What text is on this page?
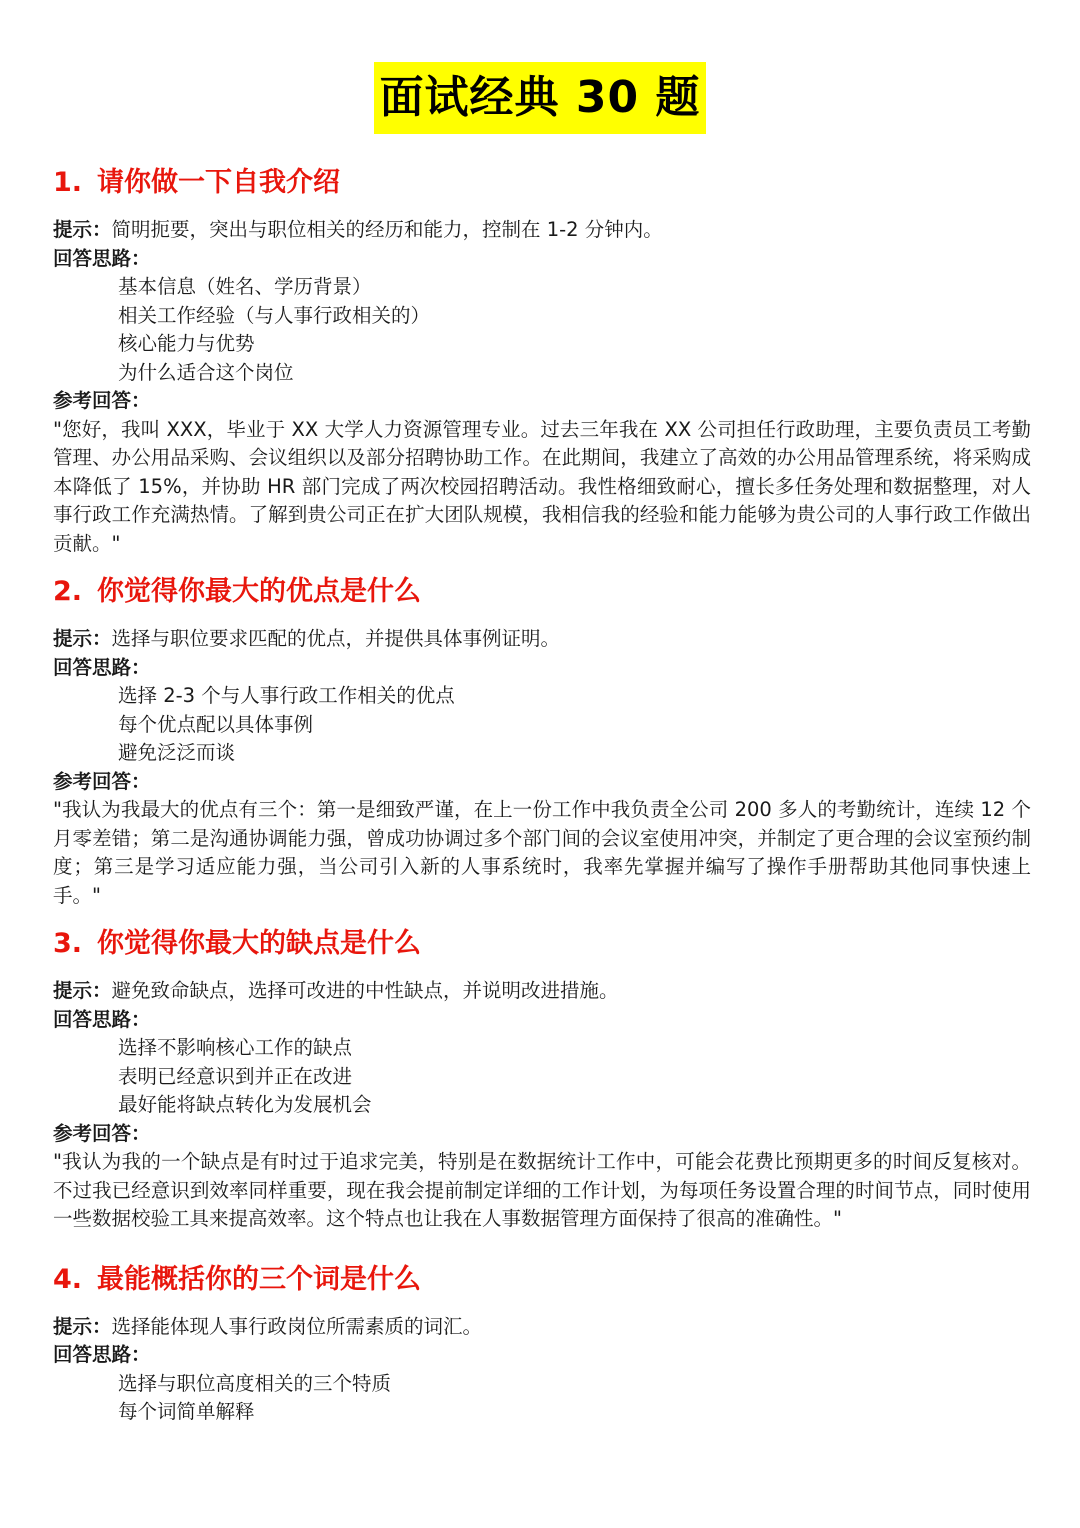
面试经典 30 题
1. 请你做一下自我介绍

提示：简明扼要，突出与职位相关的经历和能力，控制在 1-2 分钟内。

回答思路：

基本信息（姓名、学历背景）

相关工作经验（与人事行政相关的）

核心能力与优势

为什么适合这个岗位

参考回答：

"您好，我叫 XXX，毕业于 XX 大学人力资源管理专业。过去三年我在 XX 公司担任行政助理，主要负责员工考勤管理、办公用品采购、会议组织以及部分招聘协助工作。在此期间，我建立了高效的办公用品管理系统，将采购成本降低了 15%，并协助 HR 部门完成了两次校园招聘活动。我性格细致耐心，擅长多任务处理和数据整理，对人事行政工作充满热情。了解到贵公司正在扩大团队规模，我相信我的经验和能力能够为贵公司的人事行政工作做出贡献。"

2. 你觉得你最大的优点是什么

提示：选择与职位要求匹配的优点，并提供具体事例证明。

回答思路：

选择 2-3 个与人事行政工作相关的优点

每个优点配以具体事例

避免泛泛而谈

参考回答：

"我认为我最大的优点有三个：第一是细致严谨，在上一份工作中我负责全公司 200 多人的考勤统计，连续 12 个月零差错；第二是沟通协调能力强，曾成功协调过多个部门间的会议室使用冲突，并制定了更合理的会议室预约制度；第三是学习适应能力强，当公司引入新的人事系统时，我率先掌握并编写了操作手册帮助其他同事快速上手。"

3. 你觉得你最大的缺点是什么

提示：避免致命缺点，选择可改进的中性缺点，并说明改进措施。

回答思路：

选择不影响核心工作的缺点

表明已经意识到并正在改进

最好能将缺点转化为发展机会

参考回答：

"我认为我的一个缺点是有时过于追求完美，特别是在数据统计工作中，可能会花费比预期更多的时间反复核对。不过我已经意识到效率同样重要，现在我会提前制定详细的工作计划，为每项任务设置合理的时间节点，同时使用一些数据校验工具来提高效率。这个特点也让我在人事数据管理方面保持了很高的准确性。"

4. 最能概括你的三个词是什么

提示：选择能体现人事行政岗位所需素质的词汇。

回答思路：

选择与职位高度相关的三个特质

每个词简单解释
